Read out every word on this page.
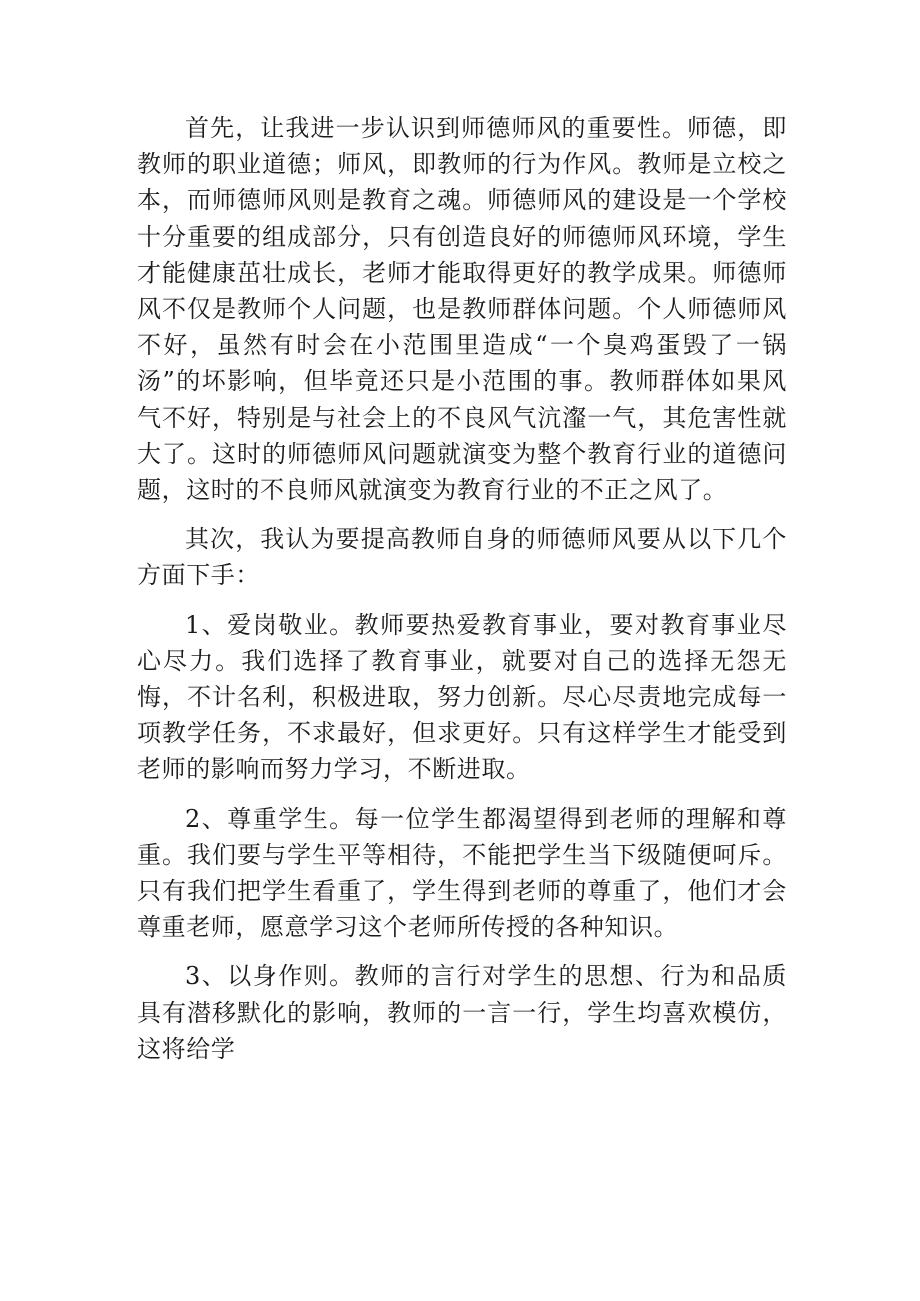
首先，让我进一步认识到师德师风的重要性。师德，即教师的职业道德；师风，即教师的行为作风。教师是立校之本，而师德师风则是教育之魂。师德师风的建设是一个学校十分重要的组成部分，只有创造良好的师德师风环境，学生才能健康茁壮成长，老师才能取得更好的教学成果。师德师风不仅是教师个人问题，也是教师群体问题。个人师德师风不好，虽然有时会在小范围里造成“一个臭鸡蛋毁了一锅汤”的坏影响，但毕竟还只是小范围的事。教师群体如果风气不好，特别是与社会上的不良风气沆瀣一气，其危害性就大了。这时的师德师风问题就演变为整个教育行业的道德问题，这时的不良师风就演变为教育行业的不正之风了。

其次，我认为要提高教师自身的师德师风要从以下几个方面下手：

1、爱岗敬业。教师要热爱教育事业，要对教育事业尽心尽力。我们选择了教育事业，就要对自己的选择无怨无悔，不计名利，积极进取，努力创新。尽心尽责地完成每一项教学任务，不求最好，但求更好。只有这样学生才能受到老师的影响而努力学习，不断进取。

2、尊重学生。每一位学生都渴望得到老师的理解和尊重。我们要与学生平等相待，不能把学生当下级随便呵斥。只有我们把学生看重了，学生得到老师的尊重了，他们才会尊重老师，愿意学习这个老师所传授的各种知识。

3、以身作则。教师的言行对学生的思想、行为和品质具有潜移默化的影响，教师的一言一行，学生均喜欢模仿，这将给学
